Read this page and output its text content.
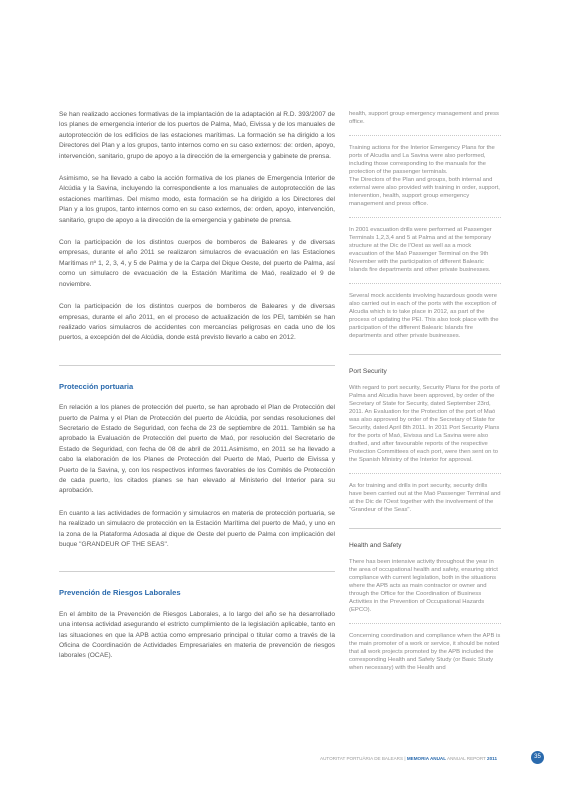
Se han realizado acciones formativas de la implantación de la adaptación al R.D. 393/2007 de los planes de emergencia interior de los puertos de Palma, Maó, Eivissa y de los manuales de autoprotección de los edificios de las estaciones marítimas. La formación se ha dirigido a los Directores del Plan y a los grupos, tanto internos como en su caso externos: de: orden, apoyo, intervención, sanitario, grupo de apoyo a la dirección de la emergencia y gabinete de prensa.

Asimismo, se ha llevado a cabo la acción formativa de los planes de Emergencia Interior de Alcúdia y la Savina, incluyendo la correspondiente a los manuales de autoprotección de las estaciones marítimas. Del mismo modo, esta formación se ha dirigido a los Directores del Plan y a los grupos, tanto internos como en su caso externos, de: orden, apoyo, intervención, sanitario, grupo de apoyo a la dirección de la emergencia y gabinete de prensa.

Con la participación de los distintos cuerpos de bomberos de Baleares y de diversas empresas, durante el año 2011 se realizaron simulacros de evacuación en las Estaciones Marítimas nº 1, 2, 3, 4, y 5 de Palma y de la Carpa del Dique Oeste, del puerto de Palma, así como un simulacro de evacuación de la Estación Marítima de Maó, realizado el 9 de noviembre.

Con la participación de los distintos cuerpos de bomberos de Baleares y de diversas empresas, durante el año 2011, en el proceso de actualización de los PEI, también se han realizado varios simulacros de accidentes con mercancías peligrosas en cada uno de los puertos, a excepción del de Alcúdia, donde está previsto llevarlo a cabo en 2012.

Protección portuaria

En relación a los planes de protección del puerto, se han aprobado el Plan de Protección del puerto de Palma y el Plan de Protección del puerto de Alcúdia, por sendas resoluciones del Secretario de Estado de Seguridad, con fecha de 23 de septiembre de 2011. También se ha aprobado la Evaluación de Protección del puerto de Maó, por resolución del Secretario de Estado de Seguridad, con fecha de 08 de abril de 2011.Asimismo, en 2011 se ha llevado a cabo la elaboración de los Planes de Protección del Puerto de Maó, Puerto de Eivissa y Puerto de la Savina, y, con los respectivos informes favorables de los Comités de Protección de cada puerto, los citados planes se han elevado al Ministerio del Interior para su aprobación.

En cuanto a las actividades de formación y simulacros en materia de protección portuaria, se ha realizado un simulacro de protección en la Estación Marítima del puerto de Maó, y uno en la zona de la Plataforma Adosada al dique de Oeste del puerto de Palma con implicación del buque "GRANDEUR OF THE SEAS".

Prevención de Riesgos Laborales

En el ámbito de la Prevención de Riesgos Laborales, a lo largo del año se ha desarrollado una intensa actividad asegurando el estricto cumplimiento de la legislación aplicable, tanto en las situaciones en que la APB actúa como empresario principal o titular como a través de la Oficina de Coordinación de Actividades Empresariales en materia de prevención de riesgos laborales (OCAE).

health, support group emergency management and press office.

Training actions for the Interior Emergency Plans for the ports of Alcudia and La Savina were also performed, including those corresponding to the manuals for the protection of the passenger terminals.

The Directors of the Plan and groups, both internal and external were also provided with training in order, support, intervention, health, support group emergency management and press office.

In 2001 evacuation drills were performed at Passenger Terminals 1,2,3,4 and 5 at Palma and at the temporary structure at the Dic de l'Oest as well as a mock evacuation of the Maó Passenger Terminal on the 9th November with the participation of different Balearic Islands fire departments and other private businesses.

Several mock accidents involving hazardous goods were also carried out in each of the ports with the exception of Alcudia which is to take place in 2012, as part of the process of updating the PEI. This also took place with the participation of the different Balearic Islands fire departments and other private businesses.

Port Security

With regard to port security, Security Plans for the ports of Palma and Alcudia have been approved, by order of the Secretary of State for Security, dated September 23rd, 2011. An Evaluation for the Protection of the port of Maó was also approved by order of the Secretary of State for Security, dated April 8th 2011. In 2011 Port Security Plans for the ports of Maó, Eivissa and La Savina were also drafted, and after favourable reports of the respective Protection Committees of each port, were then sent on to the Spanish Ministry of the Interior for approval.

As for training and drills in port security, security drills have been carried out at the Maó Passenger Terminal and at the Dic de l'Oest together with the involvement of the "Grandeur of the Seas".

Health and Safety

There has been intensive activity throughout the year in the area of occupational health and safety, ensuring strict compliance with current legislation, both in the situations where the APB acts as main contractor or owner and through the Office for the Coordination of Business Activities in the Prevention of Occupational Hazards (EPCO).

Concerning coordination and compliance when the APB is the main promoter of a work or service, it should be noted that all work projects promoted by the APB included the corresponding Health and Safety Study (or Basic Study when necessary) with the Health and

AUTORITAT PORTUÀRIA DE BALEARS | MEMORIA ANUAL ANNUAL REPORT 2011	35
